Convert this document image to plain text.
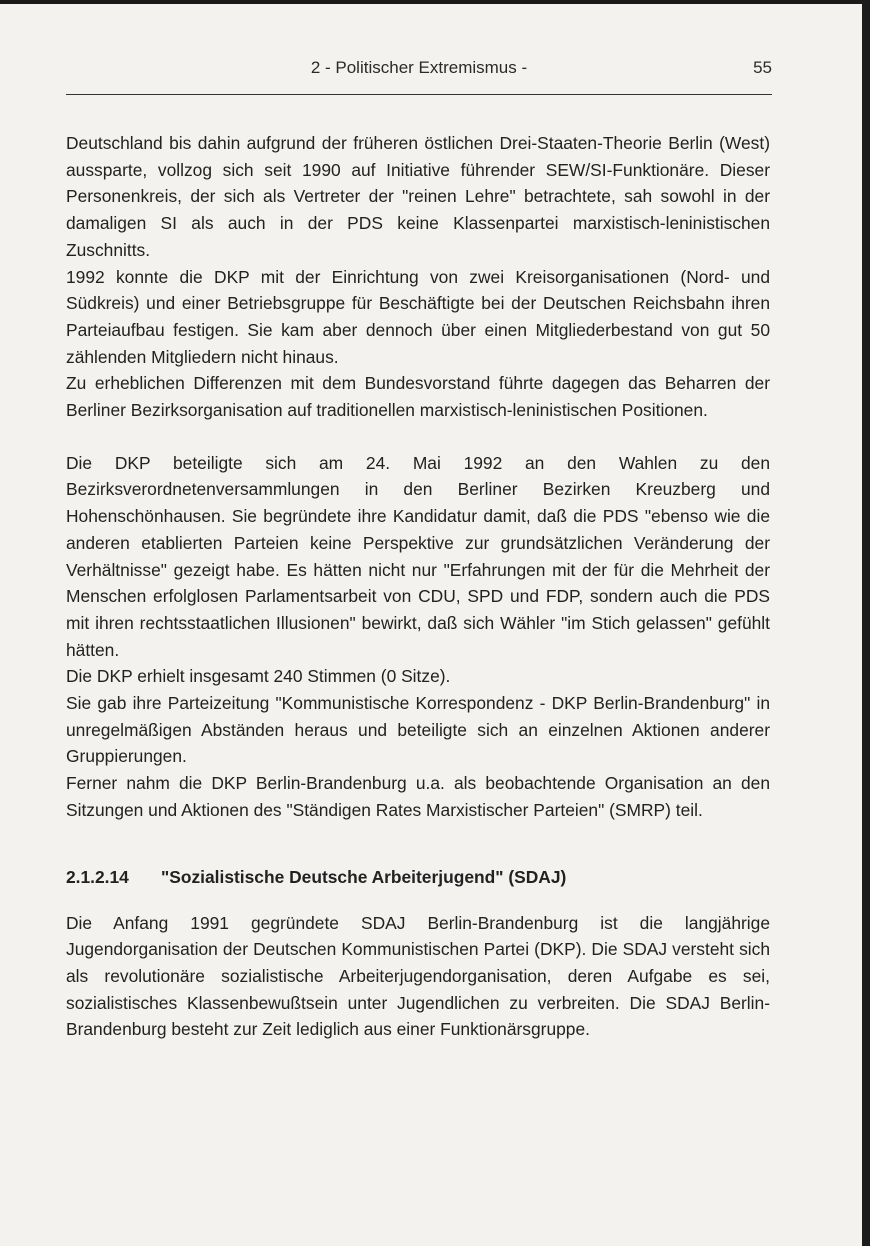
2 - Politischer Extremismus -	55

Deutschland bis dahin aufgrund der früheren östlichen Drei-Staaten-Theorie Berlin (West) aussparte, vollzog sich seit 1990 auf Initiative führender SEW/SI-Funktionäre. Dieser Personenkreis, der sich als Vertreter der "reinen Lehre" betrachtete, sah sowohl in der damaligen SI als auch in der PDS keine Klassenpartei marxistisch-leninistischen Zuschnitts.

1992 konnte die DKP mit der Einrichtung von zwei Kreisorganisationen (Nord- und Südkreis) und einer Betriebsgruppe für Beschäftigte bei der Deutschen Reichsbahn ihren Parteiaufbau festigen. Sie kam aber dennoch über einen Mitgliederbestand von gut 50 zählenden Mitgliedern nicht hinaus.

Zu erheblichen Differenzen mit dem Bundesvorstand führte dagegen das Beharren der Berliner Bezirksorganisation auf traditionellen marxistisch-leninistischen Positionen.

Die DKP beteiligte sich am 24. Mai 1992 an den Wahlen zu den Bezirksverordnetenversammlungen in den Berliner Bezirken Kreuzberg und Hohenschönhausen. Sie begründete ihre Kandidatur damit, daß die PDS "ebenso wie die anderen etablierten Parteien keine Perspektive zur grundsätzlichen Veränderung der Verhältnisse" gezeigt habe. Es hätten nicht nur "Erfahrungen mit der für die Mehrheit der Menschen erfolglosen Parlamentsarbeit von CDU, SPD und FDP, sondern auch die PDS mit ihren rechtsstaatlichen Illusionen" bewirkt, daß sich Wähler "im Stich gelassen" gefühlt hätten.

Die DKP erhielt insgesamt 240 Stimmen (0 Sitze).

Sie gab ihre Parteizeitung "Kommunistische Korrespondenz - DKP Berlin-Brandenburg" in unregelmäßigen Abständen heraus und beteiligte sich an einzelnen Aktionen anderer Gruppierungen.

Ferner nahm die DKP Berlin-Brandenburg u.a. als beobachtende Organisation an den Sitzungen und Aktionen des "Ständigen Rates Marxistischer Parteien" (SMRP) teil.

2.1.2.14 "Sozialistische Deutsche Arbeiterjugend" (SDAJ)

Die Anfang 1991 gegründete SDAJ Berlin-Brandenburg ist die langjährige Jugendorganisation der Deutschen Kommunistischen Partei (DKP). Die SDAJ versteht sich als revolutionäre sozialistische Arbeiterjugendorganisation, deren Aufgabe es sei, sozialistisches Klassenbewußtsein unter Jugendlichen zu verbreiten. Die SDAJ Berlin-Brandenburg besteht zur Zeit lediglich aus einer Funktionärsgruppe.
